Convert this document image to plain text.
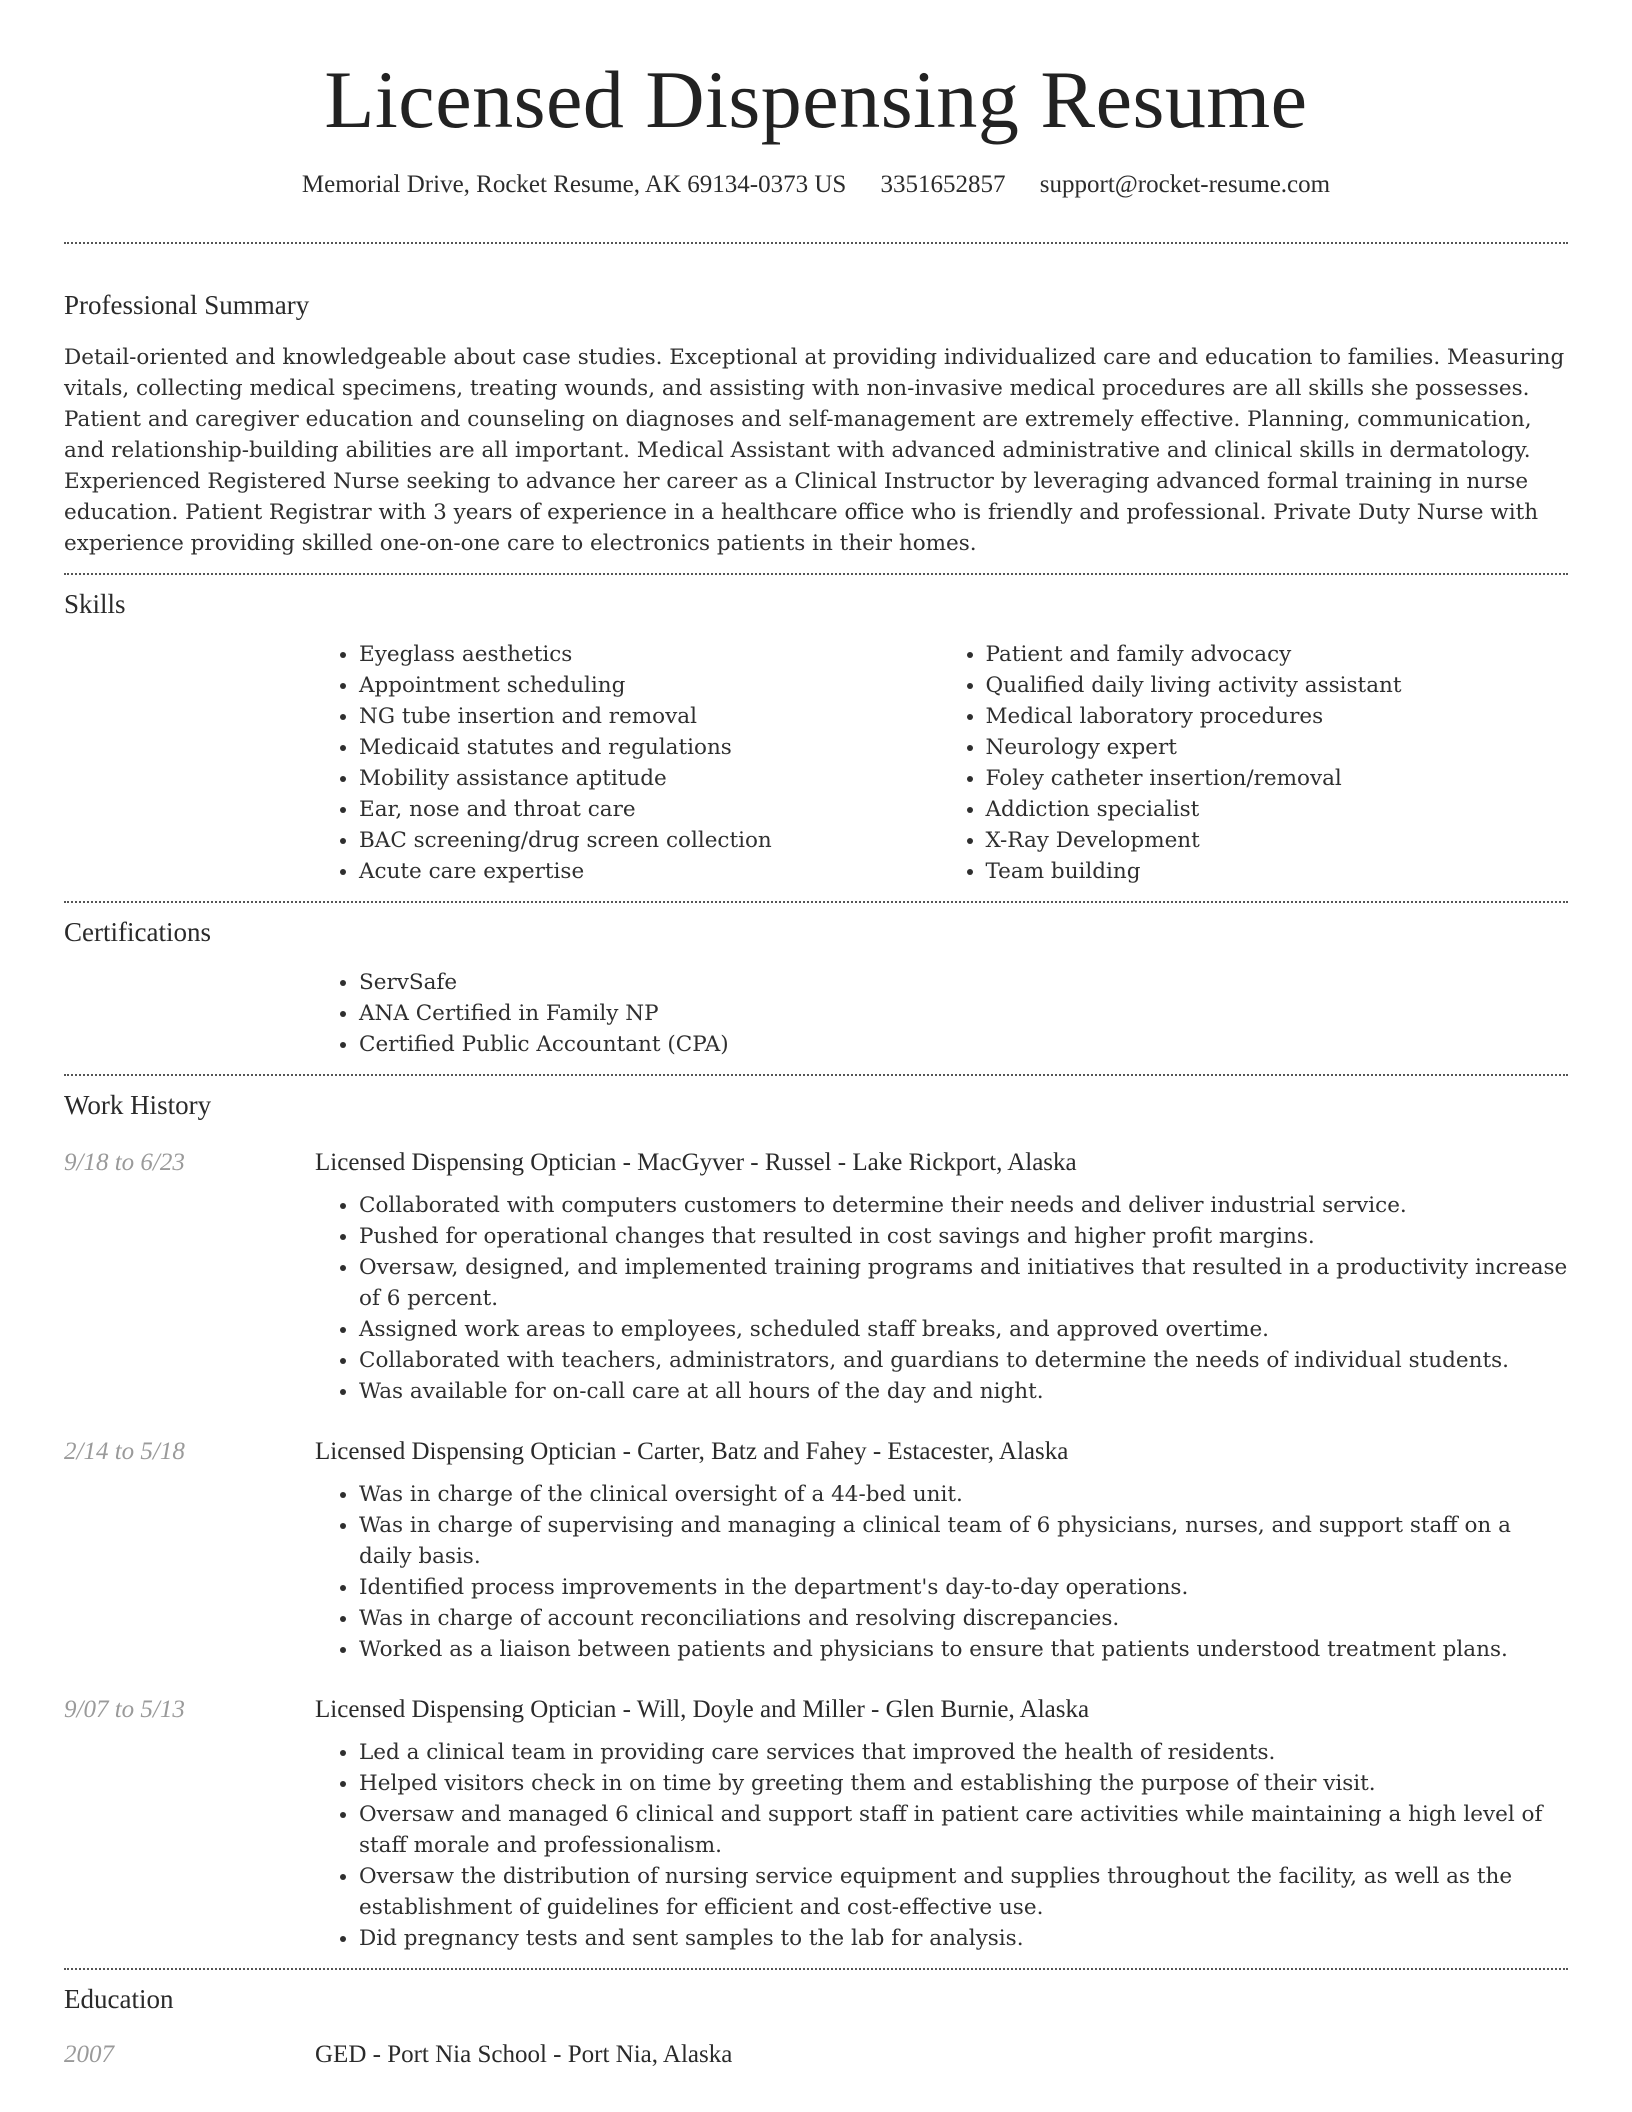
Licensed Dispensing Resume
Memorial Drive, Rocket Resume, AK 69134-0373 US 3351652857 support@rocket-resume.com
Professional Summary

Detail-oriented and knowledgeable about case studies. Exceptional at providing individualized care and education to families. Measuring vitals, collecting medical specimens, treating wounds, and assisting with non-invasive medical procedures are all skills she possesses. Patient and caregiver education and counseling on diagnoses and self-management are extremely effective. Planning, communication, and relationship-building abilities are all important. Medical Assistant with advanced administrative and clinical skills in dermatology. Experienced Registered Nurse seeking to advance her career as a Clinical Instructor by leveraging advanced formal training in nurse education. Patient Registrar with 3 years of experience in a healthcare office who is friendly and professional. Private Duty Nurse with experience providing skilled one-on-one care to electronics patients in their homes.

Skills
• Eyeglass aesthetics
• Appointment scheduling
• NG tube insertion and removal
• Medicaid statutes and regulations
• Mobility assistance aptitude
• Ear, nose and throat care
• BAC screening/drug screen collection
• Acute care expertise
• Patient and family advocacy
• Qualified daily living activity assistant
• Medical laboratory procedures
• Neurology expert
• Foley catheter insertion/removal
• Addiction specialist
• X-Ray Development
• Team building
Certifications
• ServSafe
• ANA Certified in Family NP
• Certified Public Accountant (CPA)
Work History
9/18 to 6/23	Licensed Dispensing Optician - MacGyver - Russel - Lake Rickport, Alaska
• Collaborated with computers customers to determine their needs and deliver industrial service.
• Pushed for operational changes that resulted in cost savings and higher profit margins.
• Oversaw, designed, and implemented training programs and initiatives that resulted in a productivity increase of 6 percent.
• Assigned work areas to employees, scheduled staff breaks, and approved overtime.
• Collaborated with teachers, administrators, and guardians to determine the needs of individual students.
• Was available for on-call care at all hours of the day and night.
2/14 to 5/18	Licensed Dispensing Optician - Carter, Batz and Fahey - Estacester, Alaska
• Was in charge of the clinical oversight of a 44-bed unit.
• Was in charge of supervising and managing a clinical team of 6 physicians, nurses, and support staff on a daily basis.
• Identified process improvements in the department's day-to-day operations.
• Was in charge of account reconciliations and resolving discrepancies.
• Worked as a liaison between patients and physicians to ensure that patients understood treatment plans.
9/07 to 5/13	Licensed Dispensing Optician - Will, Doyle and Miller - Glen Burnie, Alaska
• Led a clinical team in providing care services that improved the health of residents.
• Helped visitors check in on time by greeting them and establishing the purpose of their visit.
• Oversaw and managed 6 clinical and support staff in patient care activities while maintaining a high level of staff morale and professionalism.
• Oversaw the distribution of nursing service equipment and supplies throughout the facility, as well as the establishment of guidelines for efficient and cost-effective use.
• Did pregnancy tests and sent samples to the lab for analysis.
Education
2007	GED - Port Nia School - Port Nia, Alaska
